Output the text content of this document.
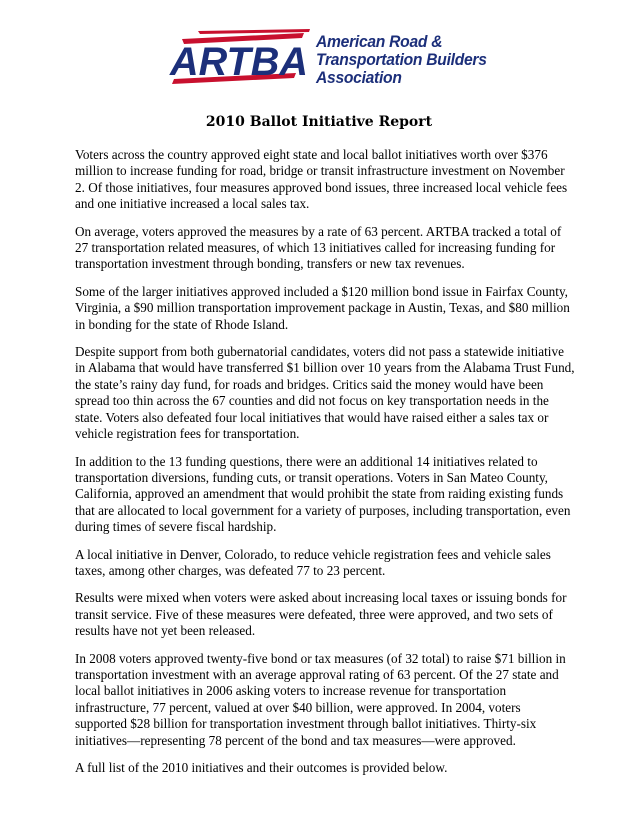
ARTBA American Road &
Transportation Builders
Association
2010 Ballot Initiative Report

Voters across the country approved eight state and local ballot initiatives worth over $376 million to increase funding for road, bridge or transit infrastructure investment on November 2. Of those initiatives, four measures approved bond issues, three increased local vehicle fees and one initiative increased a local sales tax.

On average, voters approved the measures by a rate of 63 percent. ARTBA tracked a total of 27 transportation related measures, of which 13 initiatives called for increasing funding for transportation investment through bonding, transfers or new tax revenues.

Some of the larger initiatives approved included a $120 million bond issue in Fairfax County, Virginia, a $90 million transportation improvement package in Austin, Texas, and $80 million in bonding for the state of Rhode Island.

Despite support from both gubernatorial candidates, voters did not pass a statewide initiative in Alabama that would have transferred $1 billion over 10 years from the Alabama Trust Fund, the state’s rainy day fund, for roads and bridges. Critics said the money would have been spread too thin across the 67 counties and did not focus on key transportation needs in the state. Voters also defeated four local initiatives that would have raised either a sales tax or vehicle registration fees for transportation.

In addition to the 13 funding questions, there were an additional 14 initiatives related to transportation diversions, funding cuts, or transit operations. Voters in San Mateo County, California, approved an amendment that would prohibit the state from raiding existing funds that are allocated to local government for a variety of purposes, including transportation, even during times of severe fiscal hardship.

A local initiative in Denver, Colorado, to reduce vehicle registration fees and vehicle sales taxes, among other charges, was defeated 77 to 23 percent.

Results were mixed when voters were asked about increasing local taxes or issuing bonds for transit service. Five of these measures were defeated, three were approved, and two sets of results have not yet been released.

In 2008 voters approved twenty-five bond or tax measures (of 32 total) to raise $71 billion in transportation investment with an average approval rating of 63 percent. Of the 27 state and local ballot initiatives in 2006 asking voters to increase revenue for transportation infrastructure, 77 percent, valued at over $40 billion, were approved. In 2004, voters supported $28 billion for transportation investment through ballot initiatives. Thirty-six initiatives—representing 78 percent of the bond and tax measures—were approved.

A full list of the 2010 initiatives and their outcomes is provided below.
